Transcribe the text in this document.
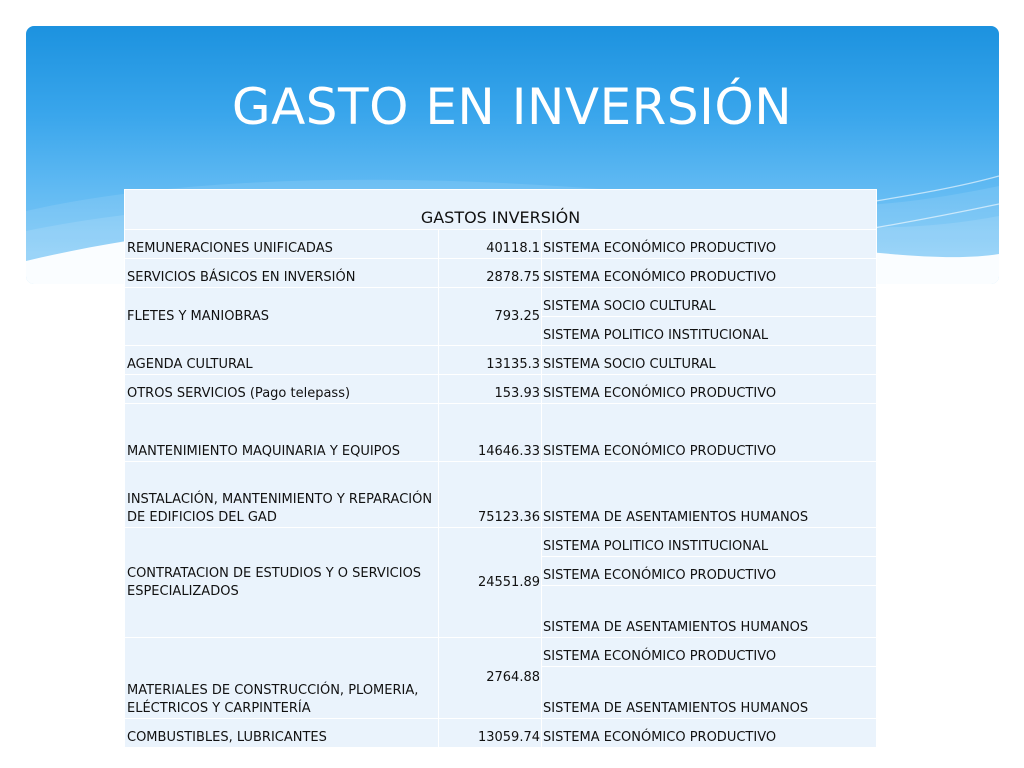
GASTO EN INVERSIÓN
GASTOS INVERSIÓN		
REMUNERACIONES UNIFICADAS	40118.1	SISTEMA ECONÓMICO PRODUCTIVO
SERVICIOS BÁSICOS EN INVERSIÓN	2878.75	SISTEMA ECONÓMICO PRODUCTIVO
FLETES Y MANIOBRAS	793.25	SISTEMA SOCIO CULTURAL
		SISTEMA POLITICO INSTITUCIONAL
AGENDA CULTURAL	13135.3	SISTEMA SOCIO CULTURAL
OTROS SERVICIOS (Pago telepass)	153.93	SISTEMA ECONÓMICO PRODUCTIVO
MANTENIMIENTO MAQUINARIA Y EQUIPOS	14646.33	SISTEMA ECONÓMICO PRODUCTIVO
INSTALACIÓN, MANTENIMIENTO Y REPARACIÓN DE EDIFICIOS DEL GAD	75123.36	SISTEMA DE ASENTAMIENTOS HUMANOS
CONTRATACION DE ESTUDIOS Y O SERVICIOS ESPECIALIZADOS	24551.89	SISTEMA POLITICO INSTITUCIONAL
		SISTEMA ECONÓMICO PRODUCTIVO
		SISTEMA DE ASENTAMIENTOS HUMANOS
MATERIALES DE CONSTRUCCIÓN, PLOMERIA, ELÉCTRICOS Y CARPINTERÍA	2764.88	SISTEMA ECONÓMICO PRODUCTIVO
		SISTEMA DE ASENTAMIENTOS HUMANOS
COMBUSTIBLES, LUBRICANTES	13059.74	SISTEMA ECONÓMICO PRODUCTIVO
